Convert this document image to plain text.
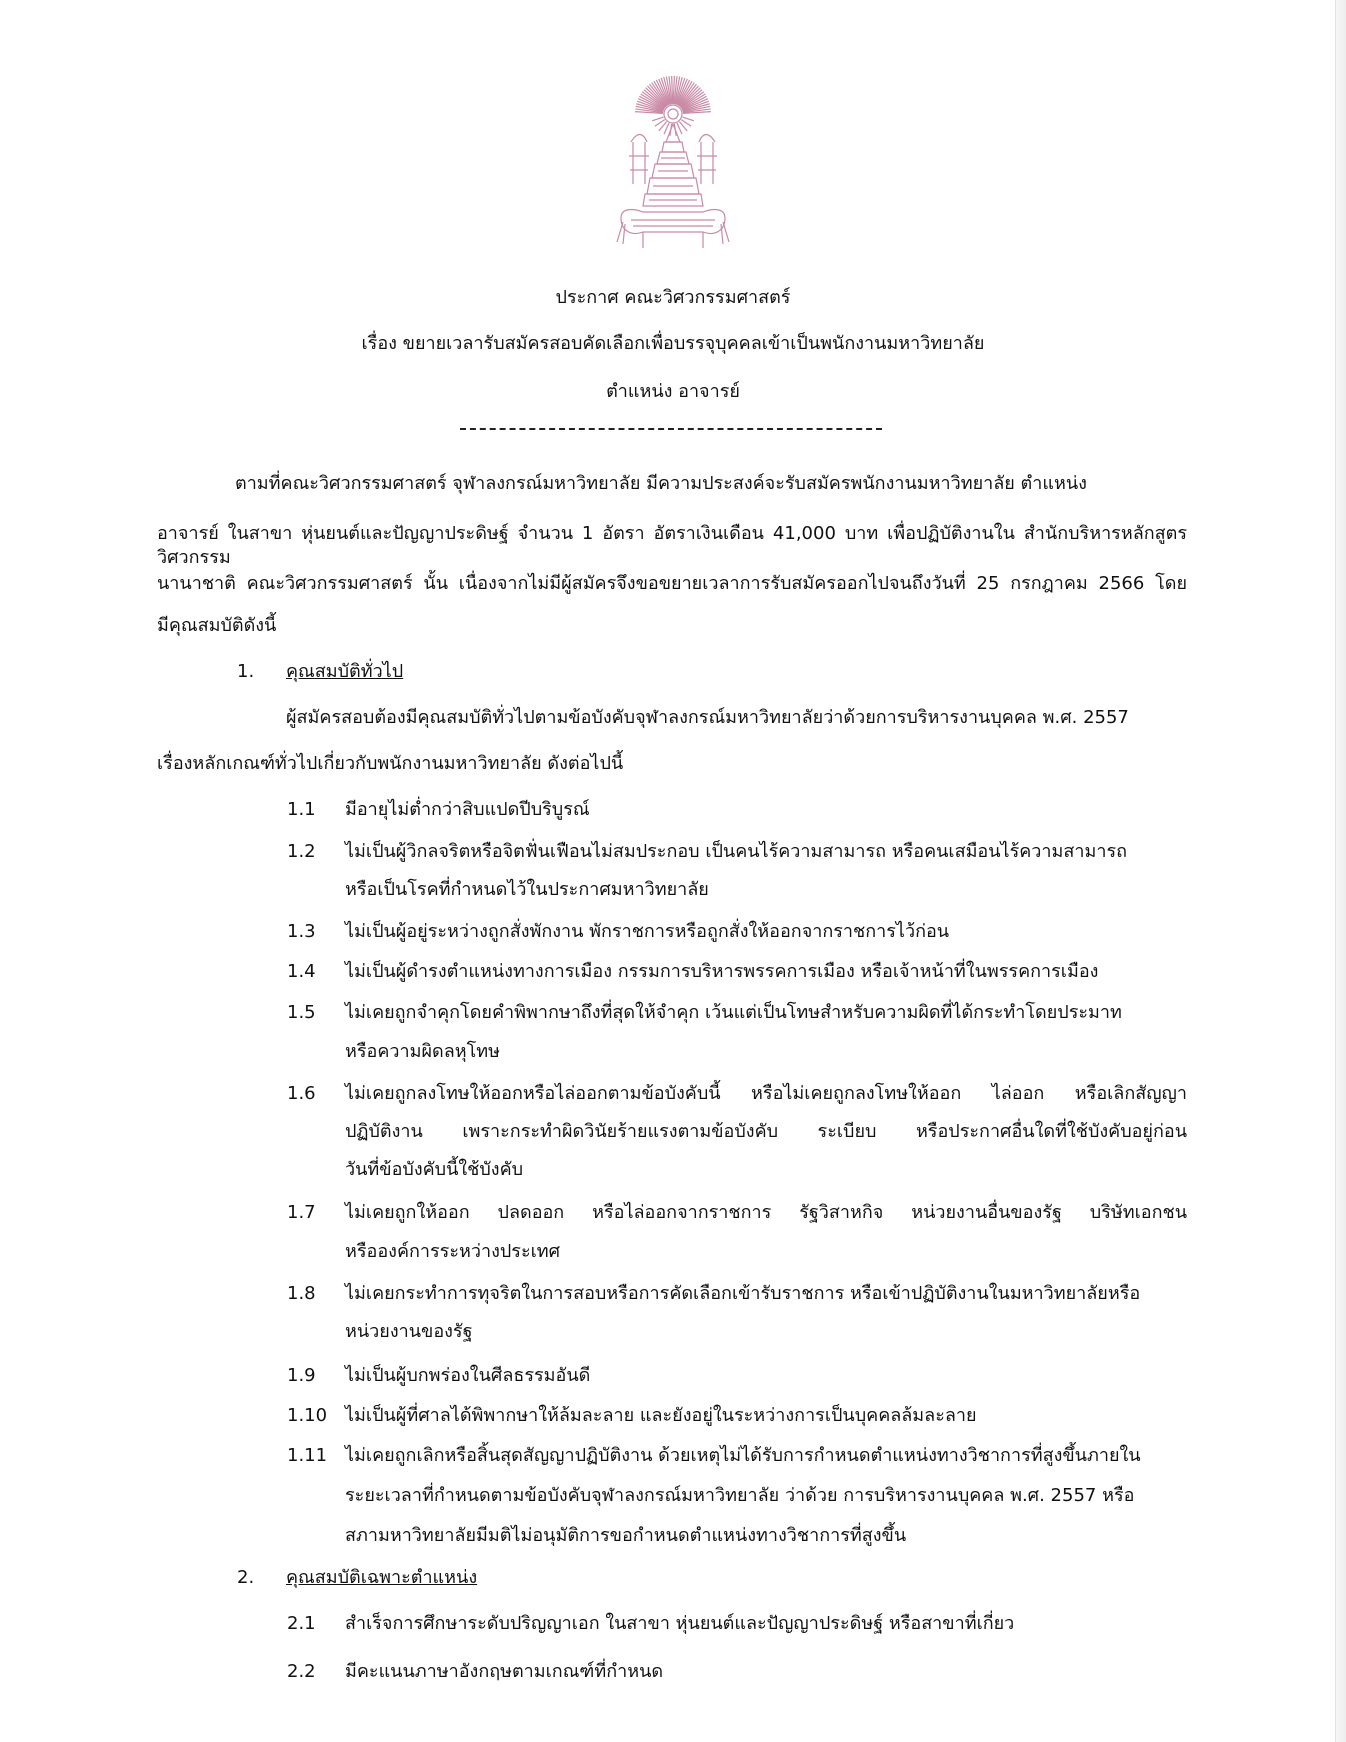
ประกาศ คณะวิศวกรรมศาสตร์
เรื่อง ขยายเวลารับสมัครสอบคัดเลือกเพื่อบรรจุบุคคลเข้าเป็นพนักงานมหาวิทยาลัย
ตำแหน่ง อาจารย์
ตามที่คณะวิศวกรรมศาสตร์ จุฬาลงกรณ์มหาวิทยาลัย มีความประสงค์จะรับสมัครพนักงานมหาวิทยาลัย ตำแหน่ง
อาจารย์ ในสาขา หุ่นยนต์และปัญญาประดิษฐ์ จำนวน 1 อัตรา อัตราเงินเดือน 41,000 บาท เพื่อปฏิบัติงานใน สำนักบริหารหลักสูตรวิศวกรรม
นานาชาติ คณะวิศวกรรมศาสตร์ นั้น เนื่องจากไม่มีผู้สมัครจึงขอขยายเวลาการรับสมัครออกไปจนถึงวันที่ 25 กรกฎาคม 2566 โดย
มีคุณสมบัติดังนี้
1. คุณสมบัติทั่วไป
ผู้สมัครสอบต้องมีคุณสมบัติทั่วไปตามข้อบังคับจุฬาลงกรณ์มหาวิทยาลัยว่าด้วยการบริหารงานบุคคล พ.ศ. 2557
เรื่องหลักเกณฑ์ทั่วไปเกี่ยวกับพนักงานมหาวิทยาลัย ดังต่อไปนี้
1.1 มีอายุไม่ต่ำกว่าสิบแปดปีบริบูรณ์
1.2 ไม่เป็นผู้วิกลจริตหรือจิตฟั่นเฟือนไม่สมประกอบ เป็นคนไร้ความสามารถ หรือคนเสมือนไร้ความสามารถ
หรือเป็นโรคที่กำหนดไว้ในประกาศมหาวิทยาลัย
1.3 ไม่เป็นผู้อยู่ระหว่างถูกสั่งพักงาน พักราชการหรือถูกสั่งให้ออกจากราชการไว้ก่อน
1.4 ไม่เป็นผู้ดำรงตำแหน่งทางการเมือง กรรมการบริหารพรรคการเมือง หรือเจ้าหน้าที่ในพรรคการเมือง
1.5 ไม่เคยถูกจำคุกโดยคำพิพากษาถึงที่สุดให้จำคุก เว้นแต่เป็นโทษสำหรับความผิดที่ได้กระทำโดยประมาท
หรือความผิดลหุโทษ
1.6 ไม่เคยถูกลงโทษให้ออกหรือไล่ออกตามข้อบังคับนี้ หรือไม่เคยถูกลงโทษให้ออก ไล่ออก หรือเลิกสัญญา
ปฏิบัติงาน เพราะกระทำผิดวินัยร้ายแรงตามข้อบังคับ ระเบียบ หรือประกาศอื่นใดที่ใช้บังคับอยู่ก่อน
วันที่ข้อบังคับนี้ใช้บังคับ
1.7 ไม่เคยถูกให้ออก ปลดออก หรือไล่ออกจากราชการ รัฐวิสาหกิจ หน่วยงานอื่นของรัฐ บริษัทเอกชน
หรือองค์การระหว่างประเทศ
1.8 ไม่เคยกระทำการทุจริตในการสอบหรือการคัดเลือกเข้ารับราชการ หรือเข้าปฏิบัติงานในมหาวิทยาลัยหรือ
หน่วยงานของรัฐ
1.9 ไม่เป็นผู้บกพร่องในศีลธรรมอันดี
1.10 ไม่เป็นผู้ที่ศาลได้พิพากษาให้ล้มละลาย และยังอยู่ในระหว่างการเป็นบุคคลล้มละลาย
1.11 ไม่เคยถูกเลิกหรือสิ้นสุดสัญญาปฏิบัติงาน ด้วยเหตุไม่ได้รับการกำหนดตำแหน่งทางวิชาการที่สูงขึ้นภายใน
ระยะเวลาที่กำหนดตามข้อบังคับจุฬาลงกรณ์มหาวิทยาลัย ว่าด้วย การบริหารงานบุคคล พ.ศ. 2557 หรือ
สภามหาวิทยาลัยมีมติไม่อนุมัติการขอกำหนดตำแหน่งทางวิชาการที่สูงขึ้น
2. คุณสมบัติเฉพาะตำแหน่ง
2.1 สำเร็จการศึกษาระดับปริญญาเอก ในสาขา หุ่นยนต์และปัญญาประดิษฐ์ หรือสาขาที่เกี่ยว
2.2 มีคะแนนภาษาอังกฤษตามเกณฑ์ที่กำหนด
